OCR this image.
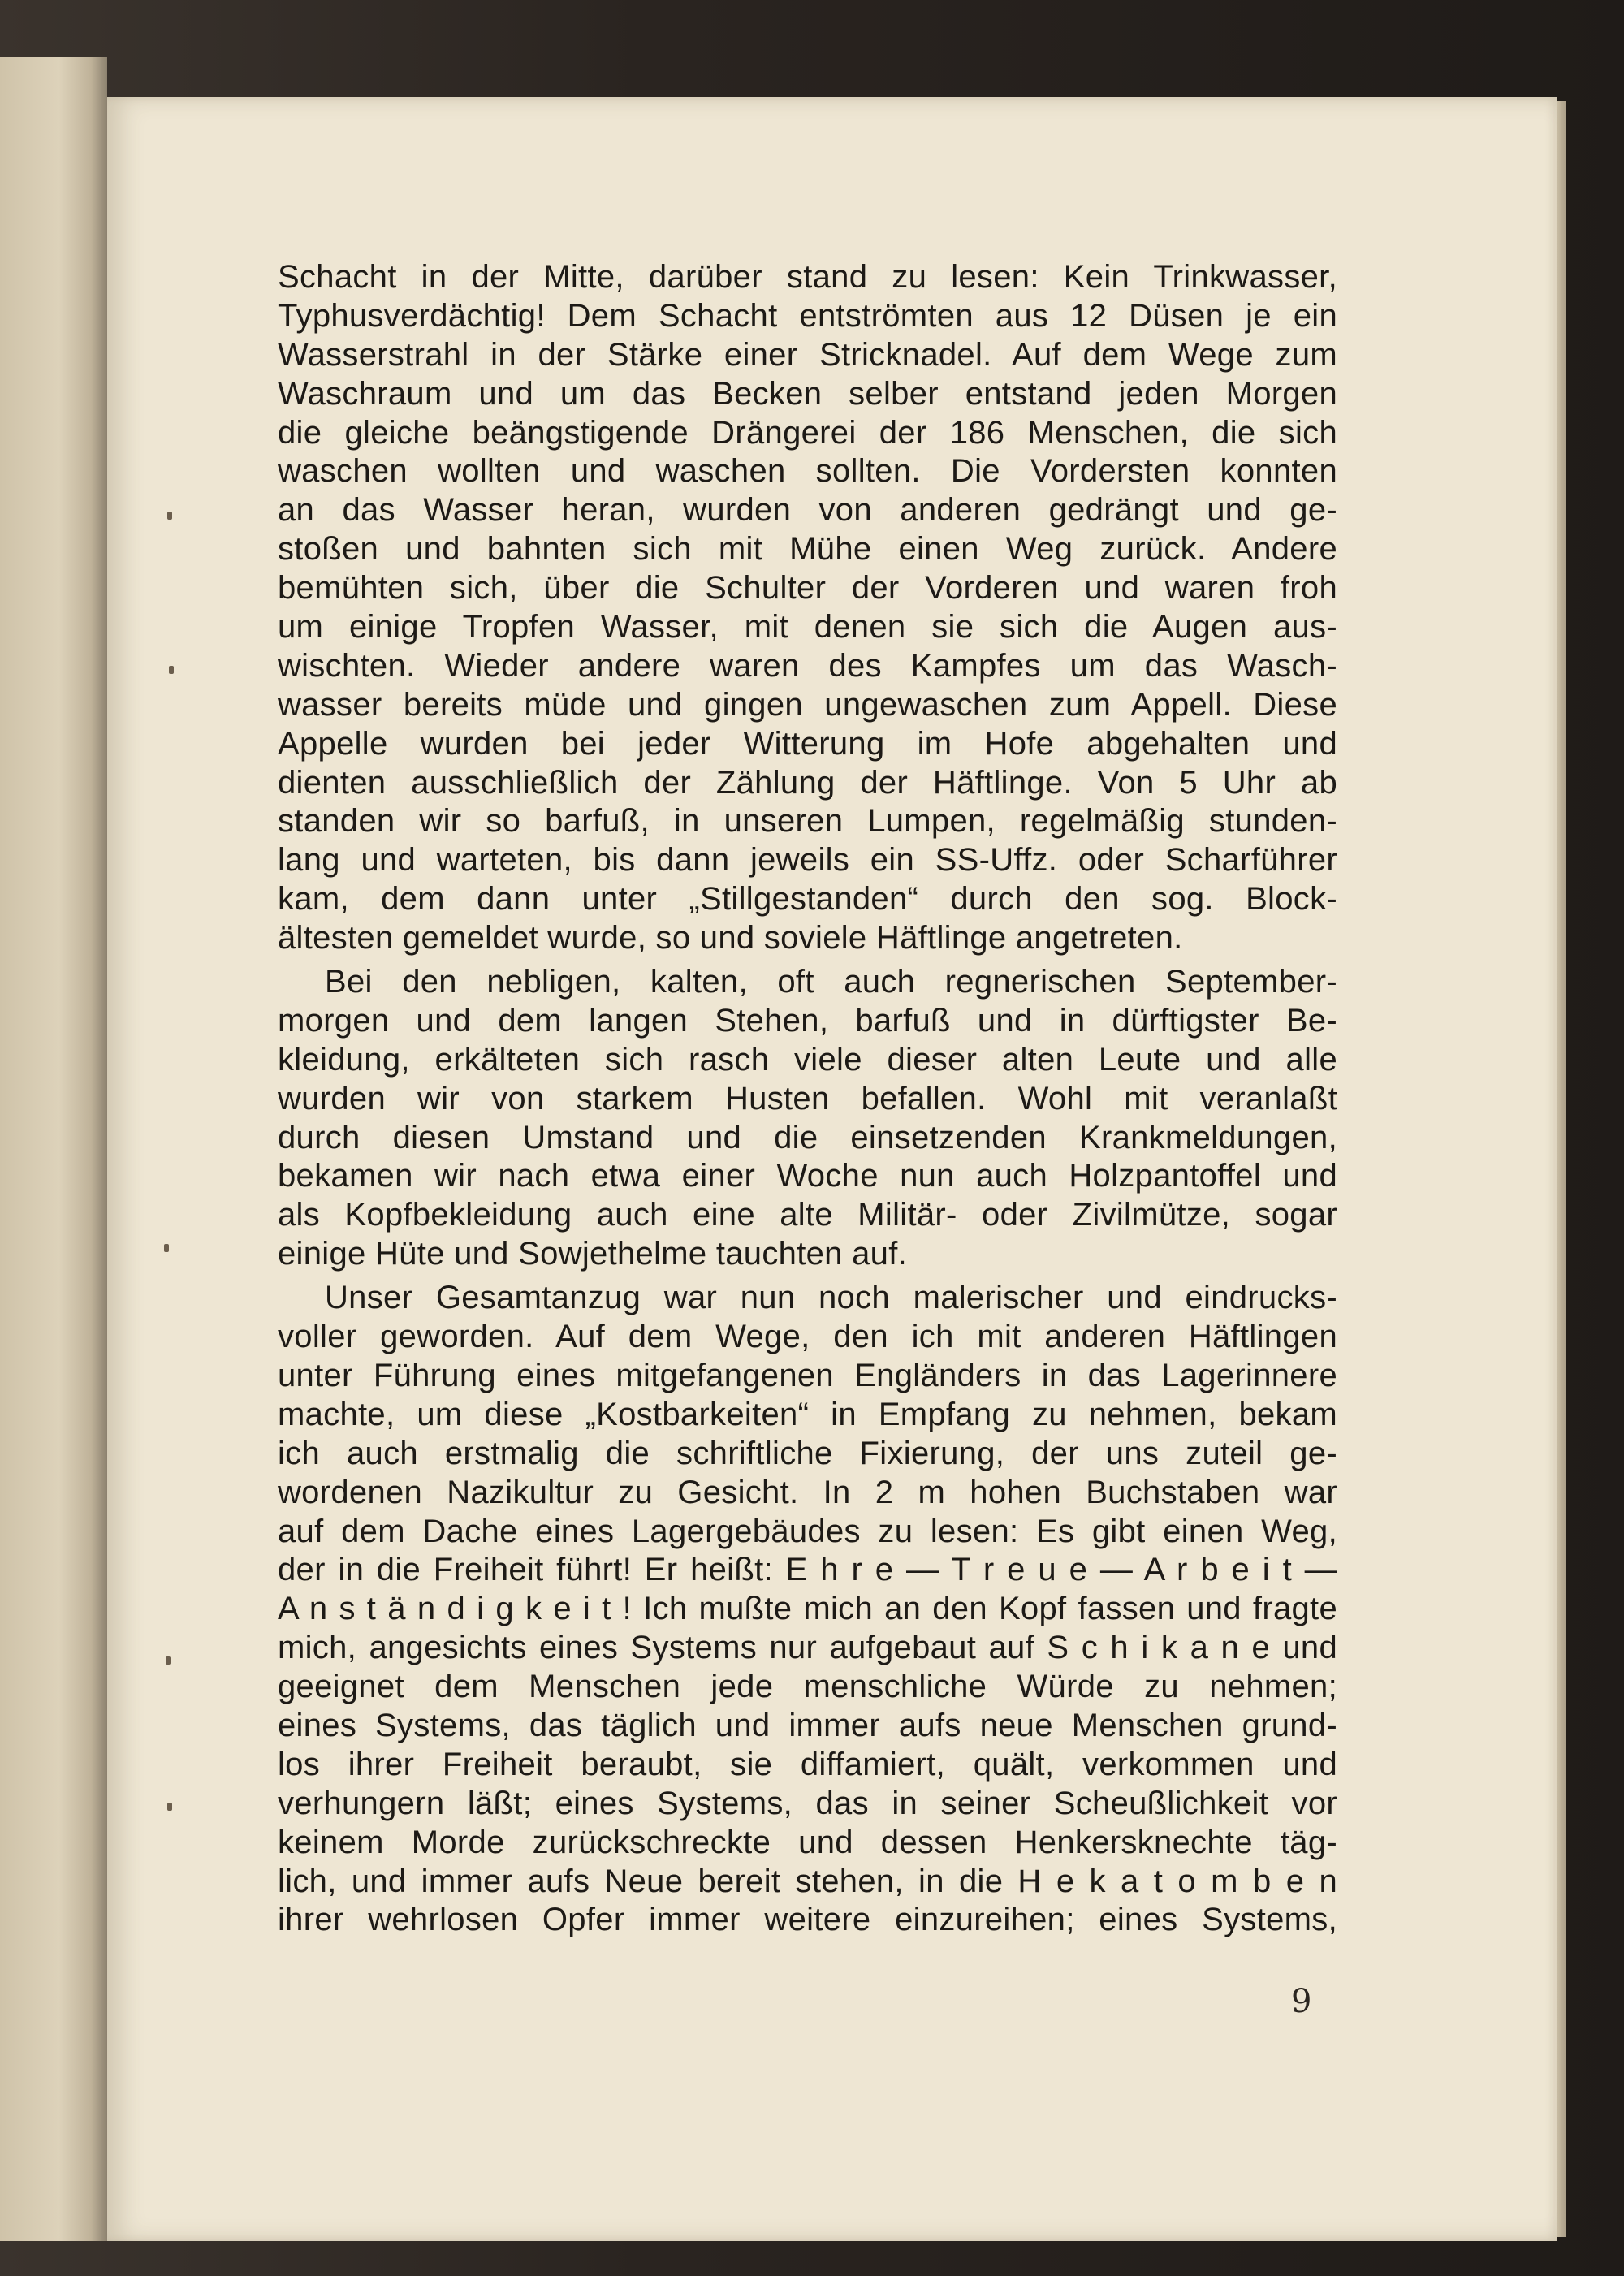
Schacht in der Mitte, darüber stand zu lesen: Kein Trinkwasser,
Typhusverdächtig! Dem Schacht entströmten aus 12 Düsen je ein
Wasserstrahl in der Stärke einer Stricknadel. Auf dem Wege zum
Waschraum und um das Becken selber entstand jeden Morgen
die gleiche beängstigende Drängerei der 186 Menschen, die sich
waschen wollten und waschen sollten. Die Vordersten konnten
an das Wasser heran, wurden von anderen gedrängt und ge-
stoßen und bahnten sich mit Mühe einen Weg zurück. Andere
bemühten sich, über die Schulter der Vorderen und waren froh
um einige Tropfen Wasser, mit denen sie sich die Augen aus-
wischten. Wieder andere waren des Kampfes um das Wasch-
wasser bereits müde und gingen ungewaschen zum Appell. Diese
Appelle wurden bei jeder Witterung im Hofe abgehalten und
dienten ausschließlich der Zählung der Häftlinge. Von 5 Uhr ab
standen wir so barfuß, in unseren Lumpen, regelmäßig stunden-
lang und warteten, bis dann jeweils ein SS-Uffz. oder Scharführer
kam, dem dann unter „Stillgestanden“ durch den sog. Block-
ältesten gemeldet wurde, so und soviele Häftlinge angetreten.
Bei den nebligen, kalten, oft auch regnerischen September-
morgen und dem langen Stehen, barfuß und in dürftigster Be-
kleidung, erkälteten sich rasch viele dieser alten Leute und alle
wurden wir von starkem Husten befallen. Wohl mit veranlaßt
durch diesen Umstand und die einsetzenden Krankmeldungen,
bekamen wir nach etwa einer Woche nun auch Holzpantoffel und
als Kopfbekleidung auch eine alte Militär- oder Zivilmütze, sogar
einige Hüte und Sowjethelme tauchten auf.
Unser Gesamtanzug war nun noch malerischer und eindrucks-
voller geworden. Auf dem Wege, den ich mit anderen Häftlingen
unter Führung eines mitgefangenen Engländers in das Lagerinnere
machte, um diese „Kostbarkeiten“ in Empfang zu nehmen, bekam
ich auch erstmalig die schriftliche Fixierung, der uns zuteil ge-
wordenen Nazikultur zu Gesicht. In 2 m hohen Buchstaben war
auf dem Dache eines Lagergebäudes zu lesen: Es gibt einen Weg,
der in die Freiheit führt! Er heißt: E h r e — T r e u e — A r b e i t —
A n s t ä n d i g k e i t ! Ich mußte mich an den Kopf fassen und fragte
mich, angesichts eines Systems nur aufgebaut auf S c h i k a n e und
geeignet dem Menschen jede menschliche Würde zu nehmen;
eines Systems, das täglich und immer aufs neue Menschen grund-
los ihrer Freiheit beraubt, sie diffamiert, quält, verkommen und
verhungern läßt; eines Systems, das in seiner Scheußlichkeit vor
keinem Morde zurückschreckte und dessen Henkersknechte täg-
lich, und immer aufs Neue bereit stehen, in die H e k a t o m b e n
ihrer wehrlosen Opfer immer weitere einzureihen; eines Systems,
9
